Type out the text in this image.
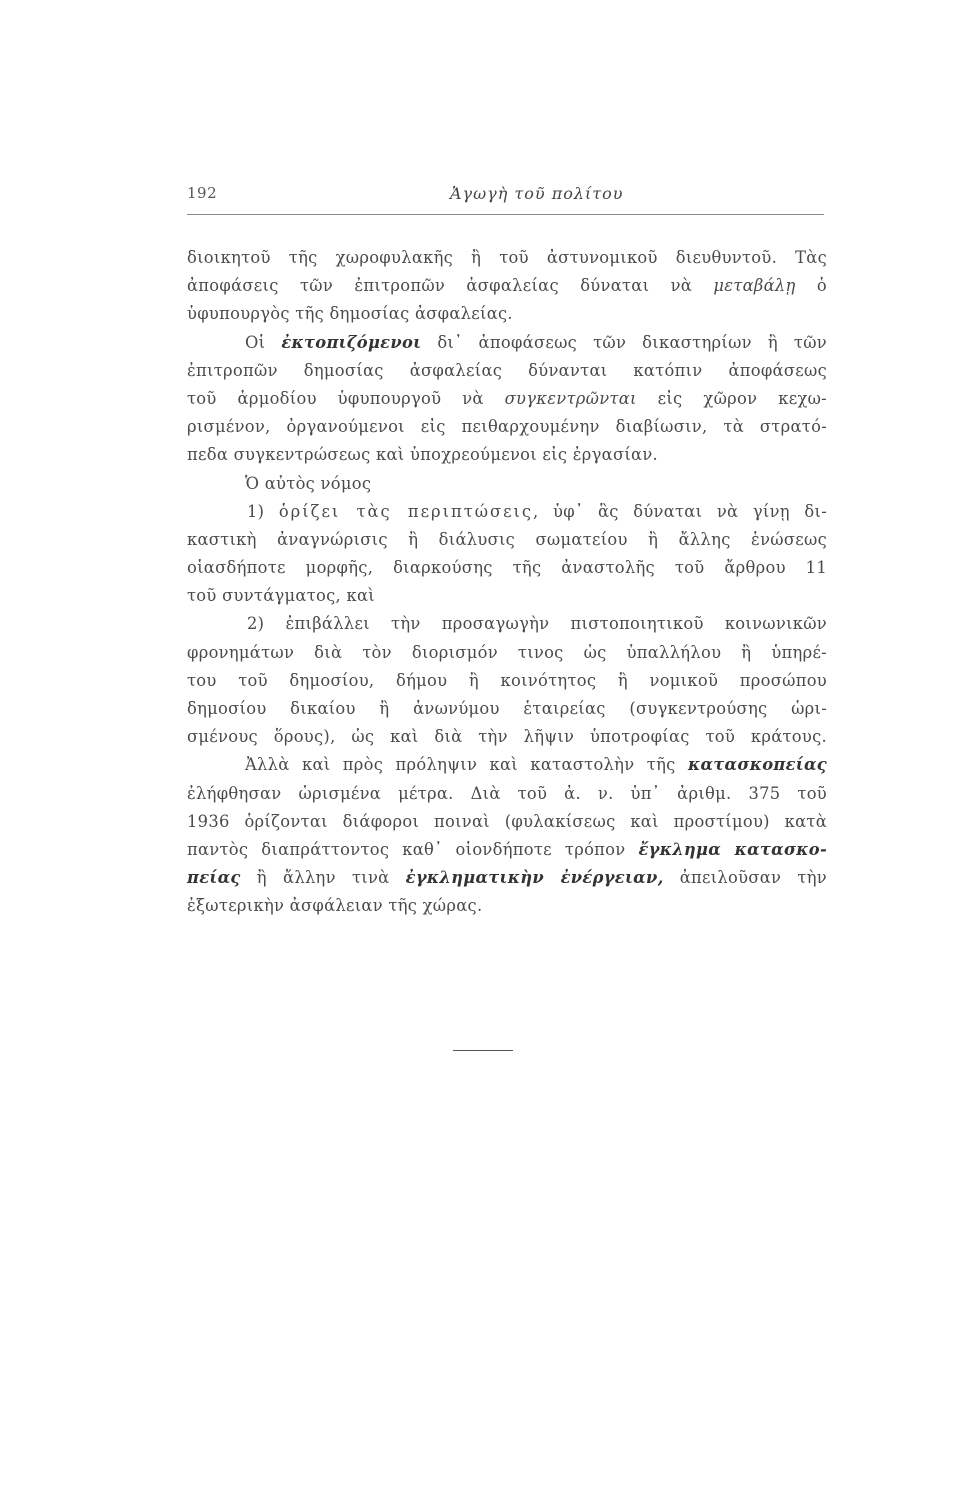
192	Ἀγωγὴ τοῦ πολίτου
διοικητοῦ τῆς χωροφυλακῆς ἢ τοῦ ἀστυνομικοῦ διευθυντοῦ. Τὰς
ἀποφάσεις τῶν ἐπιτροπῶν ἀσφαλείας δύναται νὰ μεταβάλῃ ὁ
ὑφυπουργὸς τῆς δημοσίας ἀσφαλείας.
Οἱ ἐκτοπιζόμενοι δι᾿ ἀποφάσεως τῶν δικαστηρίων ἢ τῶν
ἐπιτροπῶν δημοσίας ἀσφαλείας δύνανται κατόπιν ἀποφάσεως
τοῦ ἁρμοδίου ὑφυπουργοῦ νὰ συγκεντρῶνται εἰς χῶρον κεχω-
ρισμένον, ὀργανούμενοι εἰς πειθαρχουμένην διαβίωσιν, τὰ στρατό-
πεδα συγκεντρώσεως καὶ ὑποχρεούμενοι εἰς ἐργασίαν.
Ὁ αὐτὸς νόμος
1) ὁρίζει τὰς περιπτώσεις, ὑφ᾿ ἃς δύναται νὰ γίνῃ δι-
καστικὴ ἀναγνώρισις ἢ διάλυσις σωματείου ἢ ἄλλης ἑνώσεως
οἱασδήποτε μορφῆς, διαρκούσης τῆς ἀναστολῆς τοῦ ἄρθρου 11
τοῦ συντάγματος, καὶ
2) ἐπιβάλλει τὴν προσαγωγὴν πιστοποιητικοῦ κοινωνικῶν
φρονημάτων διὰ τὸν διορισμόν τινος ὡς ὑπαλλήλου ἢ ὑπηρέ-
του τοῦ δημοσίου, δήμου ἢ κοινότητος ἢ νομικοῦ προσώπου
δημοσίου δικαίου ἢ ἀνωνύμου ἑταιρείας (συγκεντρούσης ὡρι-
σμένους ὅρους), ὡς καὶ διὰ τὴν λῆψιν ὑποτροφίας τοῦ κράτους.
Ἀλλὰ καὶ πρὸς πρόληψιν καὶ καταστολὴν τῆς κατασκοπείας
ἐλήφθησαν ὡρισμένα μέτρα. Διὰ τοῦ ἀ. ν. ὑπ᾿ ἀριθμ. 375 τοῦ
1936 ὁρίζονται διάφοροι ποιναὶ (φυλακίσεως καὶ προστίμου) κατὰ
παντὸς διαπράττοντος καθ᾿ οἱονδήποτε τρόπον ἔγκλημα κατασκο-
πείας ἢ ἄλλην τινὰ ἐγκληματικὴν ἐνέργειαν, ἀπειλοῦσαν τὴν
ἐξωτερικὴν ἀσφάλειαν τῆς χώρας.
